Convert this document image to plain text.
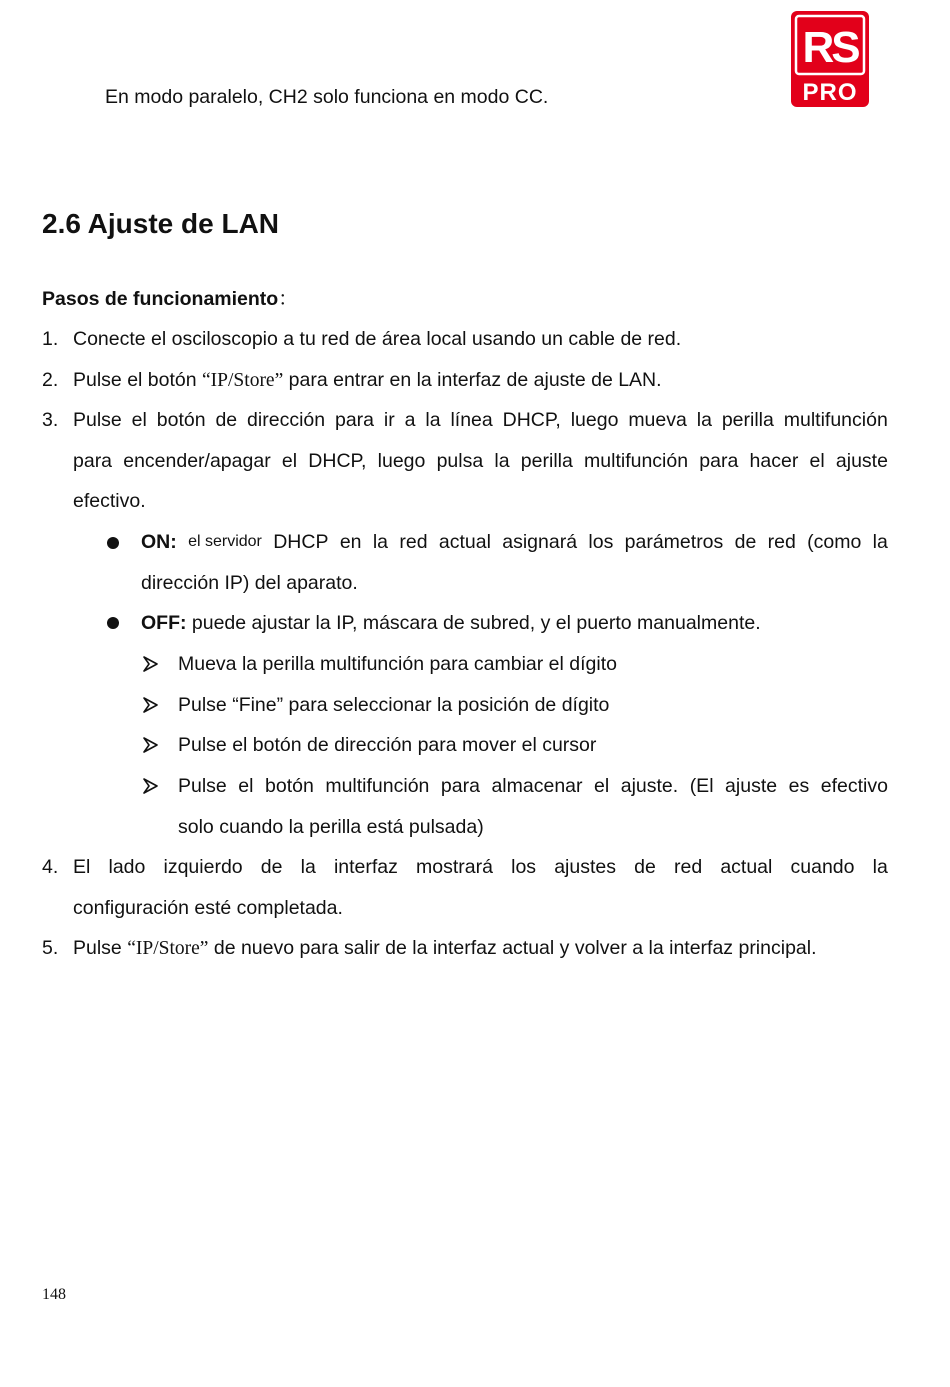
RS
PRO
En modo paralelo, CH2 solo funciona en modo CC.
2.6 Ajuste de LAN
Pasos de funcionamiento：
1. Conecte el osciloscopio a tu red de área local usando un cable de red.
2. Pulse el botón “IP/Store” para entrar en la interfaz de ajuste de LAN.
3. Pulse el botón de dirección para ir a la línea DHCP, luego mueva la perilla multifunción
para encender/apagar el DHCP, luego pulsa la perilla multifunción para hacer el ajuste
efectivo.
ON: el servidor DHCP en la red actual asignará los parámetros de red (como la
dirección IP) del aparato.
OFF: puede ajustar la IP, máscara de subred, y el puerto manualmente.
Mueva la perilla multifunción para cambiar el dígito
Pulse “Fine” para seleccionar la posición de dígito
Pulse el botón de dirección para mover el cursor
Pulse el botón multifunción para almacenar el ajuste. (El ajuste es efectivo
solo cuando la perilla está pulsada)
4. El lado izquierdo de la interfaz mostrará los ajustes de red actual cuando la
configuración esté completada.
5. Pulse “IP/Store” de nuevo para salir de la interfaz actual y volver a la interfaz principal.
148
